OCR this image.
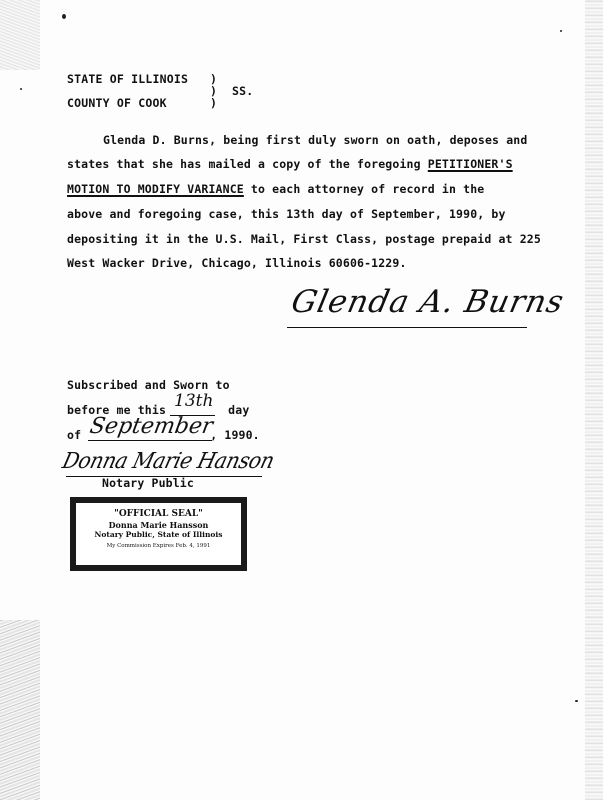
STATE OF ILLINOIS )
) SS.
COUNTY OF COOK	)
Glenda D. Burns, being first duly sworn on oath, deposes and
states that she has mailed a copy of the foregoing PETITIONER'S
MOTION TO MODIFY VARIANCE to each attorney of record in the
above and foregoing case, this 13th day of September, 1990, by
depositing it in the U.S. Mail, First Class, postage prepaid at 225
West Wacker Drive, Chicago, Illinois 60606-1229.
Glenda A. Burns
Subscribed and Sworn to
before me this	day
13th
of	, 1990.
September
Donna Marie Hanson
Notary Public
"OFFICIAL SEAL"
Donna Marie Hansson
Notary Public, State of Illinois
My Commission Expires Feb. 4, 1991
